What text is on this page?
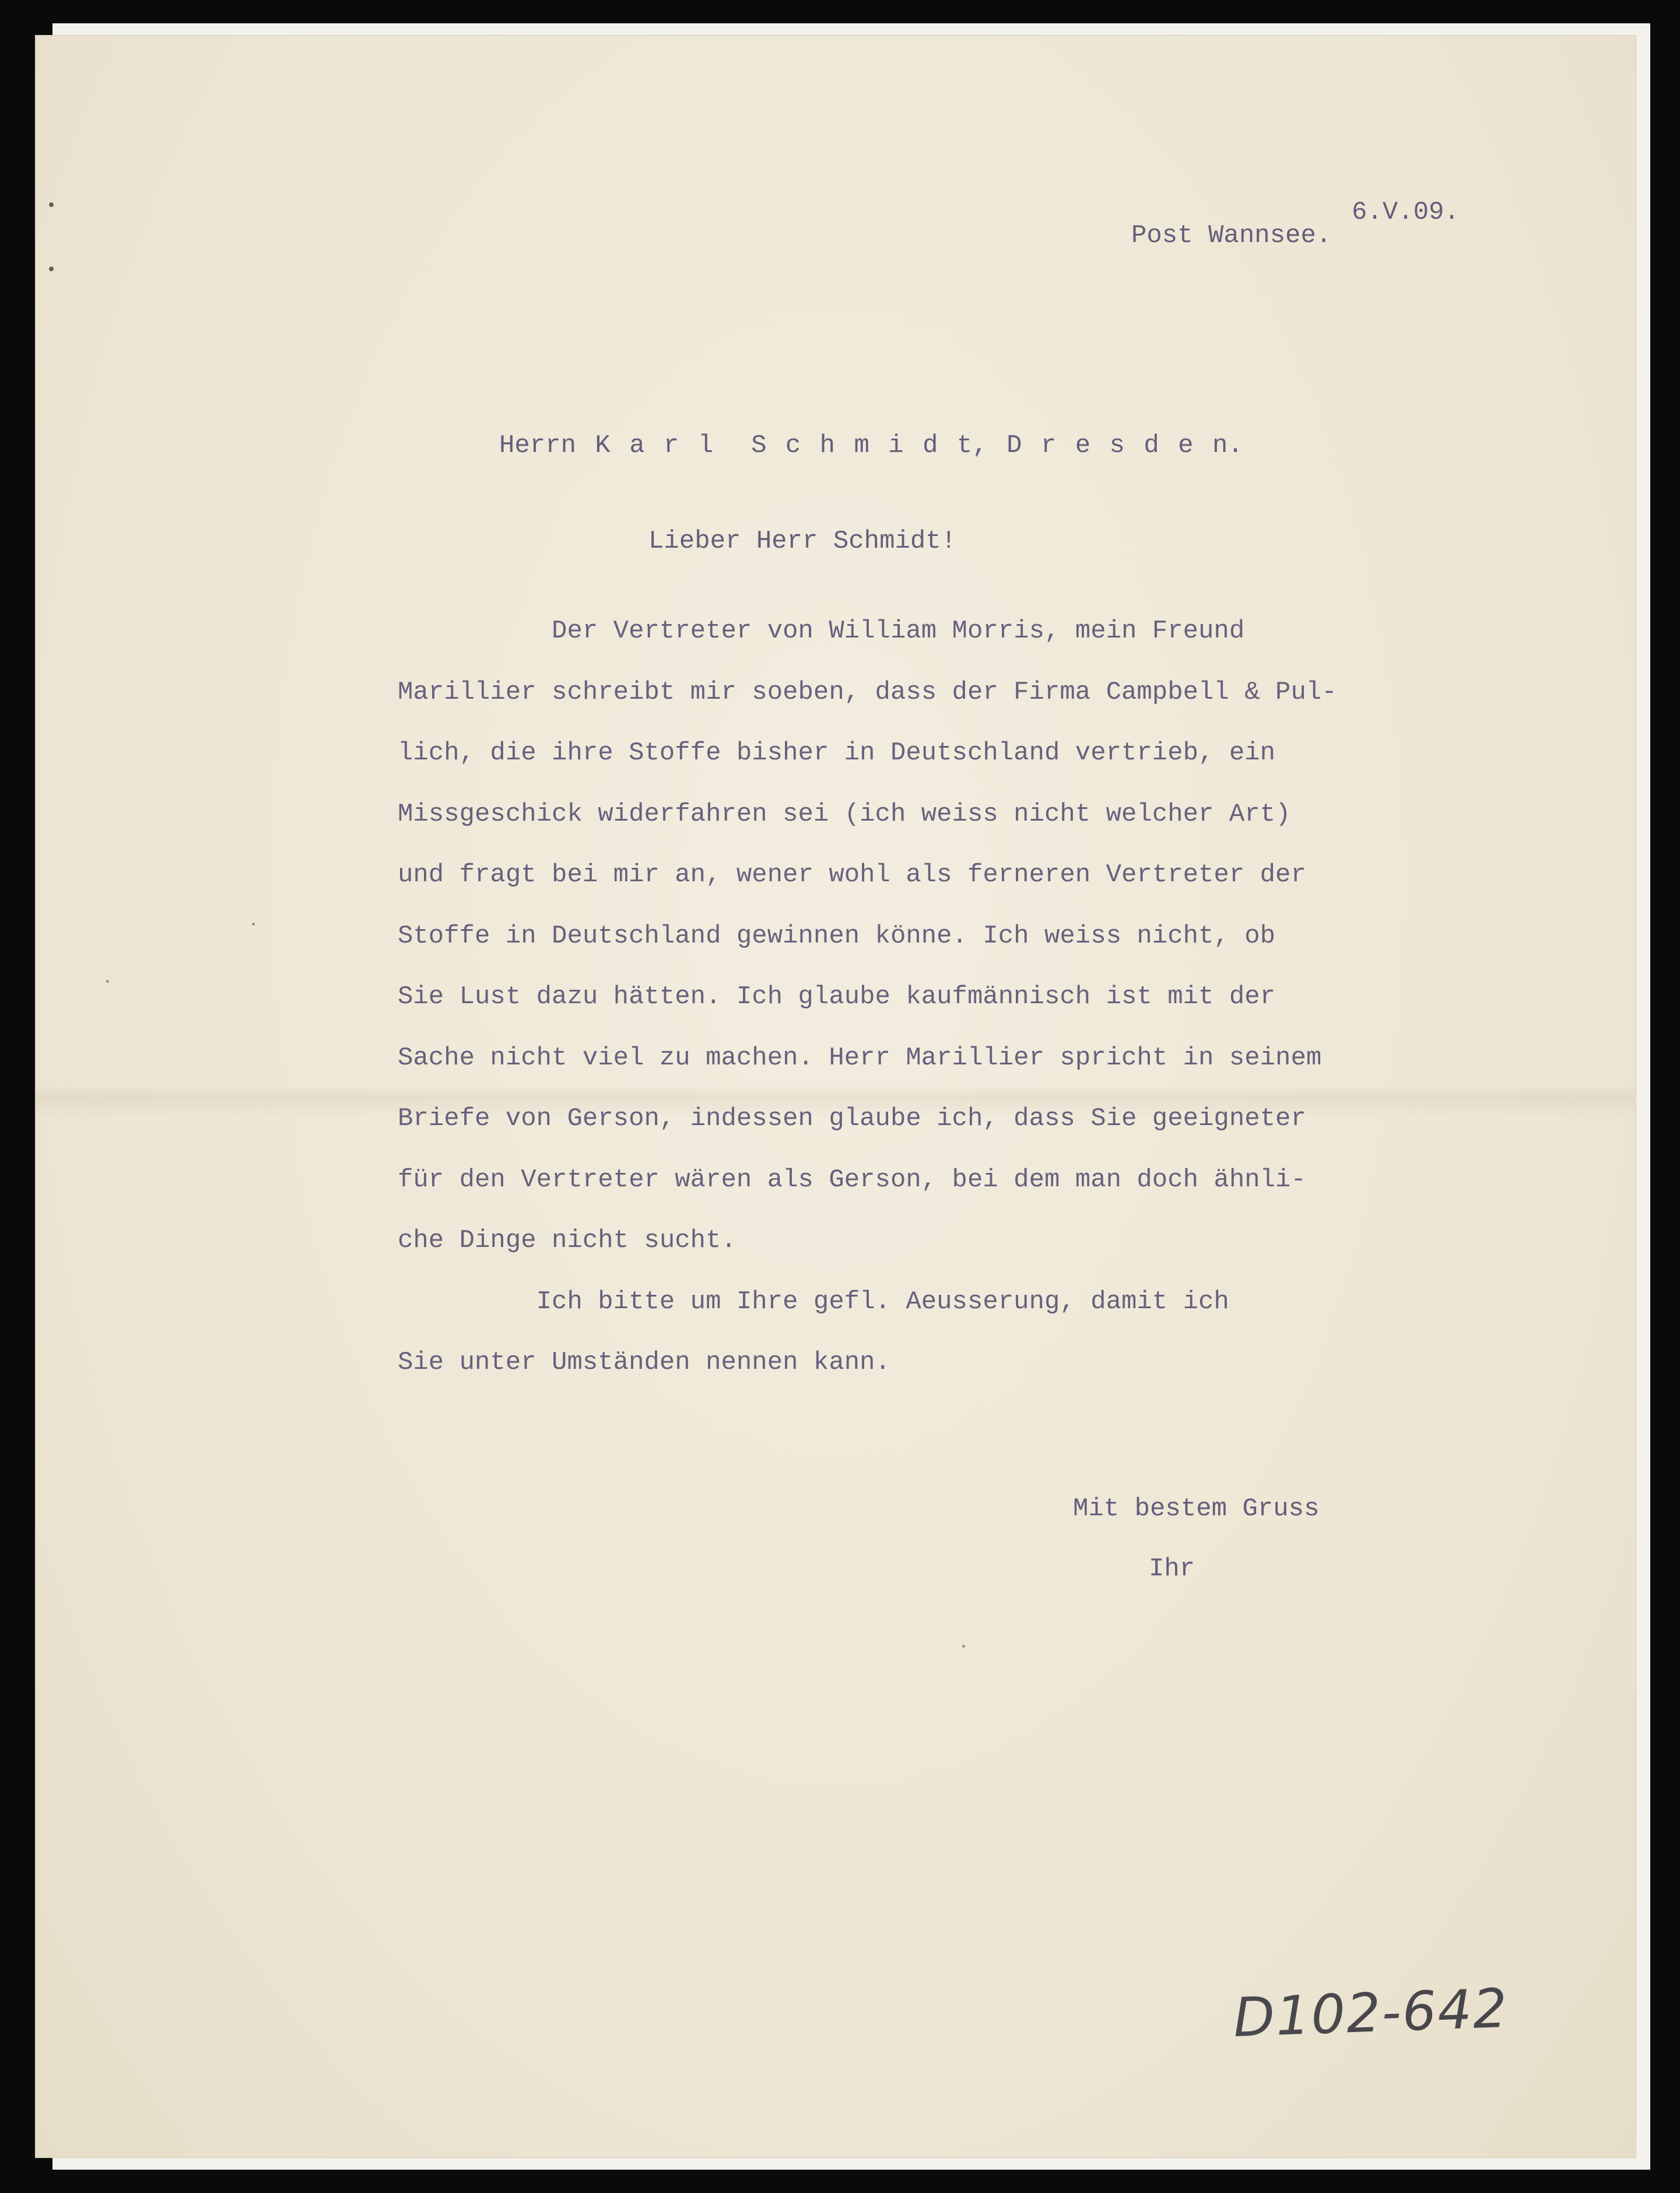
6.V.09.
Post Wannsee.
Herrn K a r l  S c h m i d t, D r e s d e n.
Lieber Herr Schmidt!
Der Vertreter von William Morris, mein Freund
Marillier schreibt mir soeben, dass der Firma Campbell & Pul-
lich, die ihre Stoffe bisher in Deutschland vertrieb, ein
Missgeschick widerfahren sei (ich weiss nicht welcher Art)
und fragt bei mir an, wener wohl als ferneren Vertreter der
Stoffe in Deutschland gewinnen könne. Ich weiss nicht, ob
Sie Lust dazu hätten. Ich glaube kaufmännisch ist mit der
Sache nicht viel zu machen. Herr Marillier spricht in seinem
Briefe von Gerson, indessen glaube ich, dass Sie geeigneter
für den Vertreter wären als Gerson, bei dem man doch ähnli-
che Dinge nicht sucht.
Ich bitte um Ihre gefl. Aeusserung, damit ich
Sie unter Umständen nennen kann.
Mit bestem Gruss
Ihr
D102-642
